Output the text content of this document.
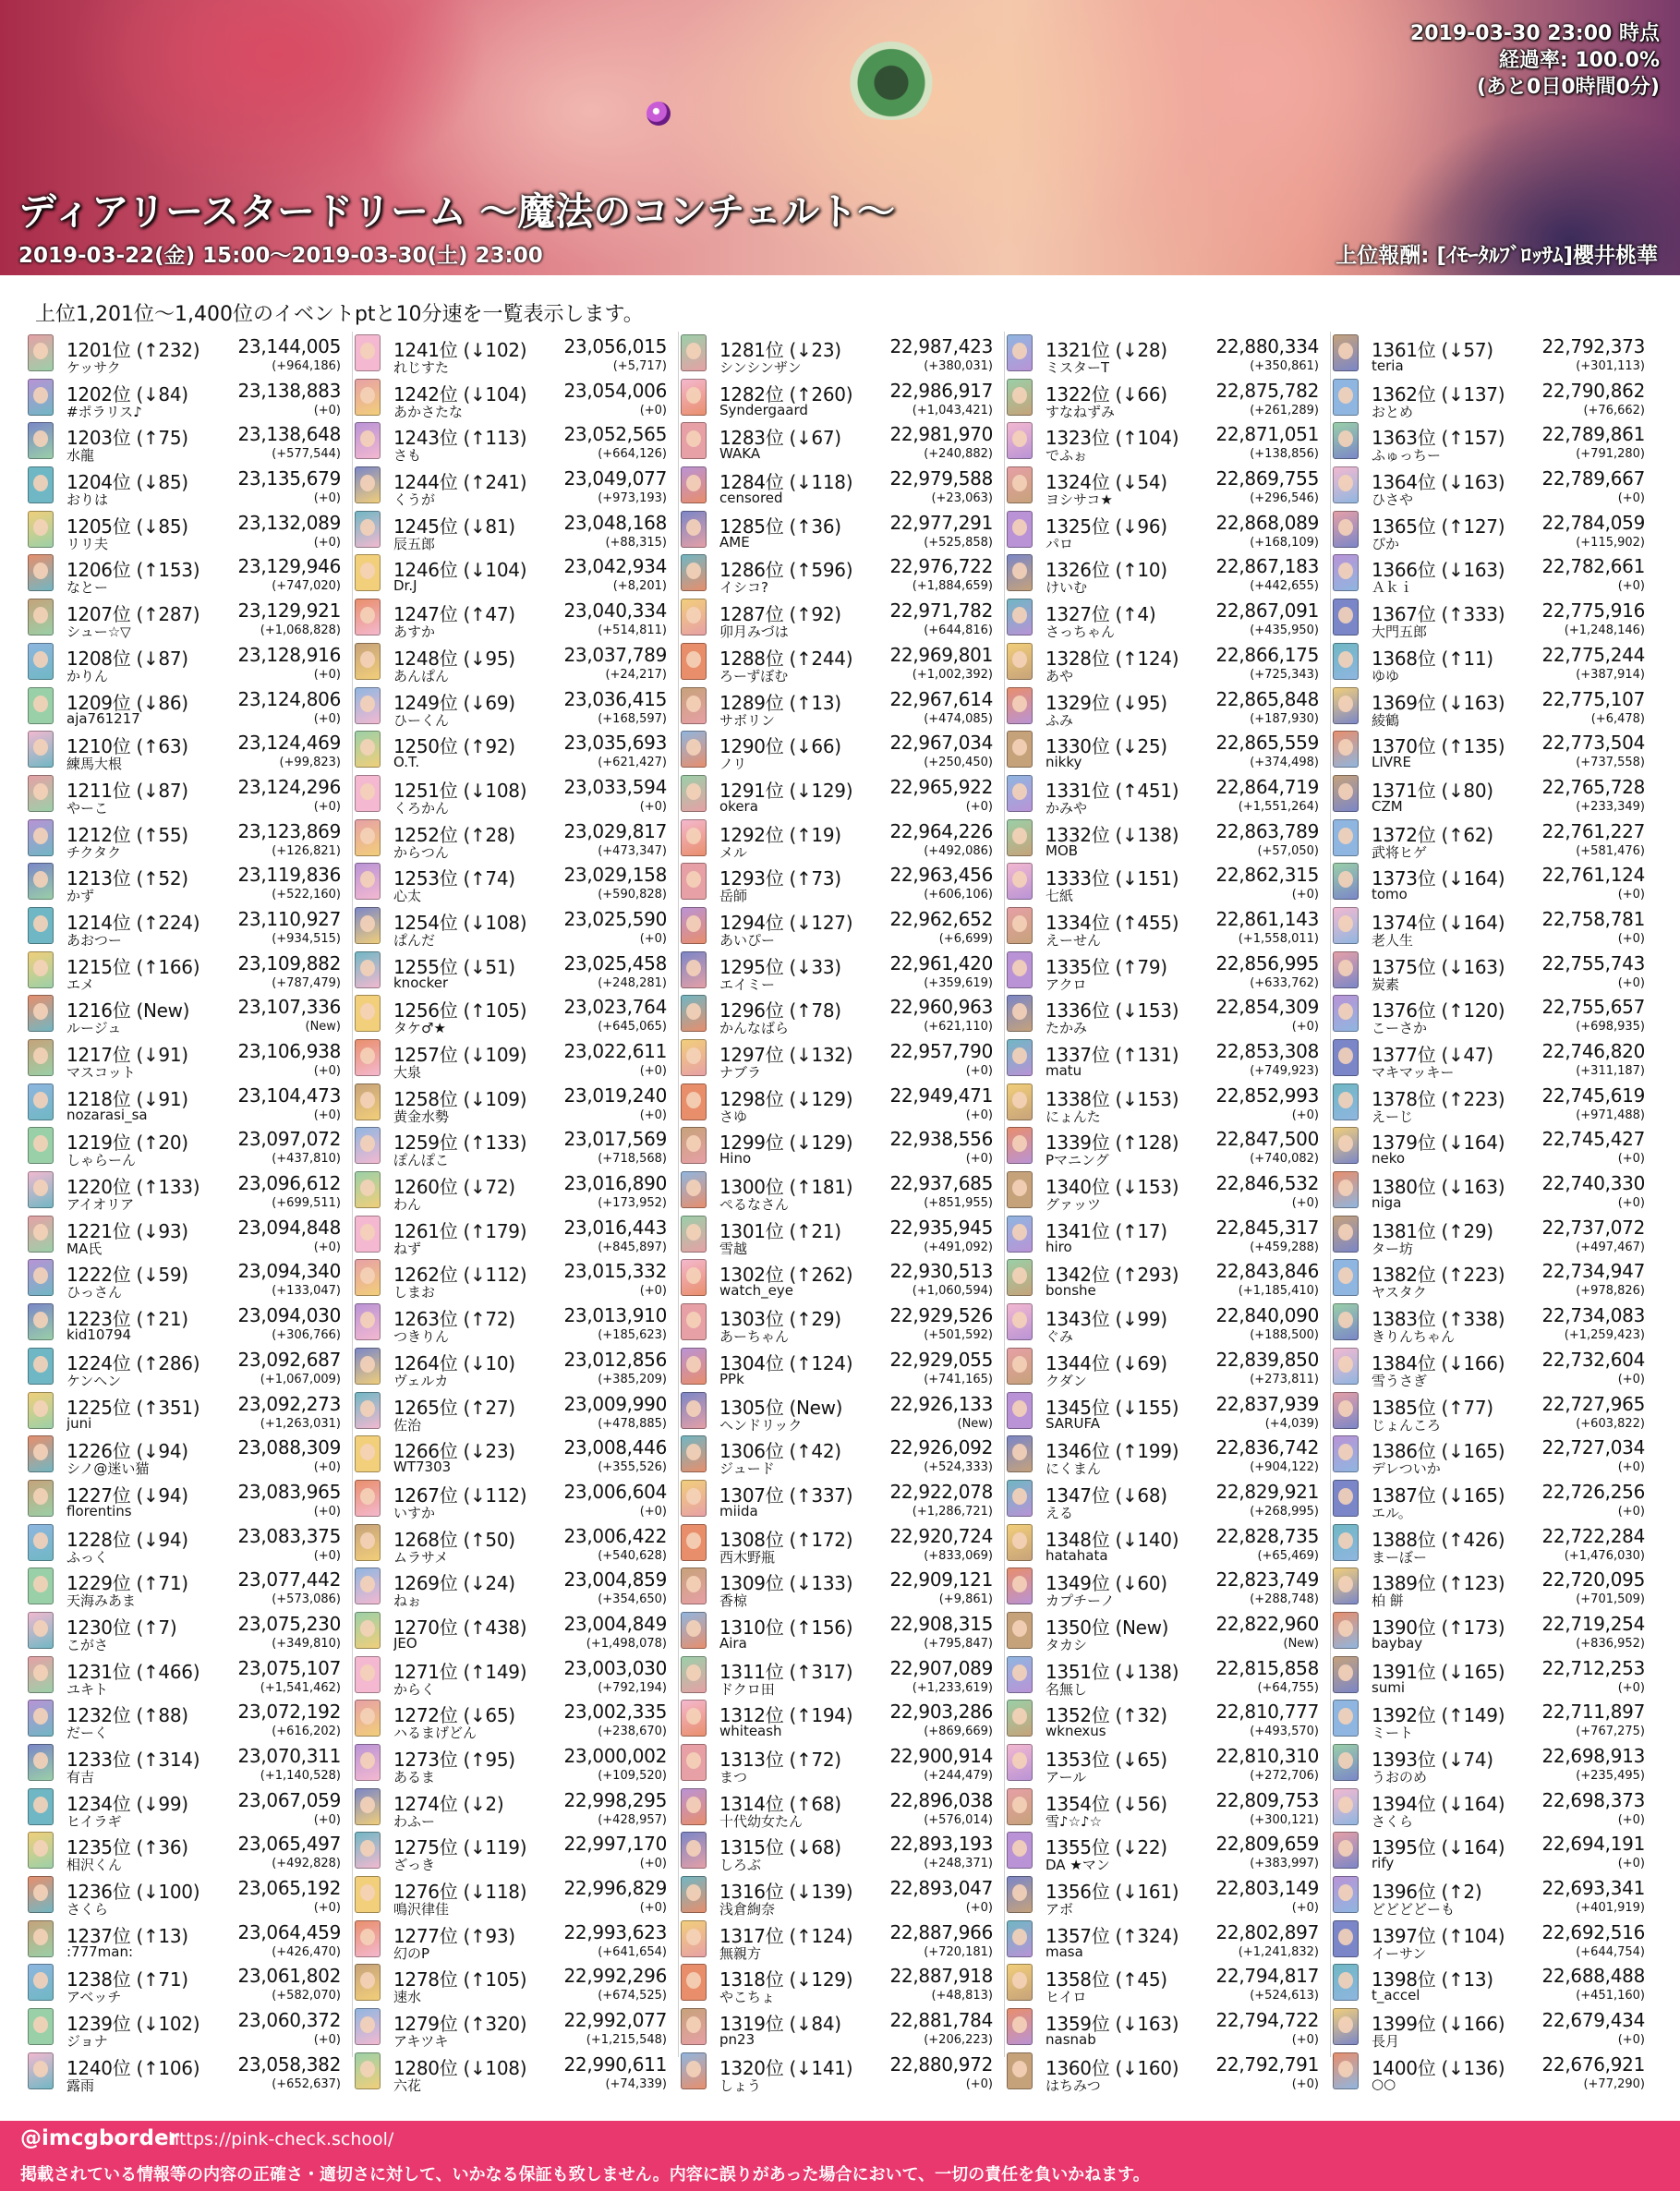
2019-03-30 23:00 時点
経過率: 100.0%
(あと0日0時間0分)
ディアリースタードリーム 〜魔法のコンチェルト〜
2019-03-22(金) 15:00〜2019-03-30(土) 23:00	上位報酬: [ｲﾓｰﾀﾙﾌﾞﾛｯｻﾑ]櫻井桃華
上位1,201位〜1,400位のイベントptと10分速を一覧表示します。
1201位 (↑232) 23,144,005
ケッサク	(+964,186)
1202位 (↓84)	23,138,883
#ポラリス♪	(+0)
1203位 (↑75)	23,138,648
水龍	(+577,544)
1204位 (↓85)	23,135,679
おりは	(+0)
1205位 (↓85)	23,132,089
リリ夫	(+0)
1206位 (↑153) 23,129,946
なとー	(+747,020)
1207位 (↑287) 23,129,921
シュー☆▽	(+1,068,828)
1208位 (↓87)	23,128,916
かりん	(+0)
1209位 (↓86)	23,124,806
aja761217	(+0)
1210位 (↑63)	23,124,469
練馬大根	(+99,823)
1211位 (↓87)	23,124,296
やーこ	(+0)
1212位 (↑55)	23,123,869
チクタク	(+126,821)
1213位 (↑52)	23,119,836
かず	(+522,160)
1214位 (↑224) 23,110,927
あおつー	(+934,515)
1215位 (↑166) 23,109,882
エメ	(+787,479)
1216位 (New)	23,107,336
ルージュ	(New)
1217位 (↓91)	23,106,938
マスコット	(+0)
1218位 (↓91)	23,104,473
nozarasi_sa	(+0)
1219位 (↑20)	23,097,072
しゃらーん	(+437,810)
1220位 (↑133) 23,096,612
アイオリア	(+699,511)
1221位 (↓93)	23,094,848
MA氏	(+0)
1222位 (↓59)	23,094,340
ひっさん	(+133,047)
1223位 (↑21)	23,094,030
kid10794	(+306,766)
1224位 (↑286) 23,092,687
ケンヘン	(+1,067,009)
1225位 (↑351) 23,092,273
juni	(+1,263,031)
1226位 (↓94)	23,088,309
シノ@迷い猫	(+0)
1227位 (↓94)	23,083,965
florentins	(+0)
1228位 (↓94)	23,083,375
ふっく	(+0)
1229位 (↑71)	23,077,442
天海みあま	(+573,086)
1230位 (↑7)	23,075,230
こがさ	(+349,810)
1231位 (↑466) 23,075,107
ユキト	(+1,541,462)
1232位 (↑88)	23,072,192
だーく	(+616,202)
1233位 (↑314) 23,070,311
有吉	(+1,140,528)
1234位 (↓99)	23,067,059
ヒイラギ	(+0)
1235位 (↑36)	23,065,497
相沢くん	(+492,828)
1236位 (↓100) 23,065,192
さくら	(+0)
1237位 (↑13)	23,064,459
:777man:	(+426,470)
1238位 (↑71)	23,061,802
アベッチ	(+582,070)
1239位 (↓102) 23,060,372
ジョナ	(+0)
1240位 (↑106) 23,058,382
露雨	(+652,637)
1241位 (↓102) 23,056,015
れじすた	(+5,717)
1242位 (↓104) 23,054,006
あかさたな	(+0)
1243位 (↑113) 23,052,565
さも	(+664,126)
1244位 (↑241) 23,049,077
くうが	(+973,193)
1245位 (↓81)	23,048,168
辰五郎	(+88,315)
1246位 (↓104) 23,042,934
Dr.J	(+8,201)
1247位 (↑47)	23,040,334
あすか	(+514,811)
1248位 (↓95)	23,037,789
あんぱん	(+24,217)
1249位 (↓69)	23,036,415
ひーくん	(+168,597)
1250位 (↑92)	23,035,693
O.T.	(+621,427)
1251位 (↓108) 23,033,594
くろかん	(+0)
1252位 (↑28)	23,029,817
からつん	(+473,347)
1253位 (↑74)	23,029,158
心太	(+590,828)
1254位 (↓108) 23,025,590
ぱんだ	(+0)
1255位 (↓51)	23,025,458
knocker	(+248,281)
1256位 (↑105) 23,023,764
タケ♂★	(+645,065)
1257位 (↓109) 23,022,611
大泉	(+0)
1258位 (↓109) 23,019,240
黄金水勢	(+0)
1259位 (↑133) 23,017,569
ぽんぽこ	(+718,568)
1260位 (↓72)	23,016,890
わん	(+173,952)
1261位 (↑179) 23,016,443
ねず	(+845,897)
1262位 (↓112) 23,015,332
しまお	(+0)
1263位 (↑72)	23,013,910
つきりん	(+185,623)
1264位 (↓10)	23,012,856
ヴェルカ	(+385,209)
1265位 (↑27)	23,009,990
佐治	(+478,885)
1266位 (↓23)	23,008,446
WT7303	(+355,526)
1267位 (↓112) 23,006,604
いすか	(+0)
1268位 (↑50)	23,006,422
ムラサメ	(+540,628)
1269位 (↓24)	23,004,859
ねぉ	(+354,650)
1270位 (↑438) 23,004,849
JEO	(+1,498,078)
1271位 (↑149) 23,003,030
からく	(+792,194)
1272位 (↓65)	23,002,335
ハるまげどん	(+238,670)
1273位 (↑95)	23,000,002
あるま	(+109,520)
1274位 (↓2)	22,998,295
わふー	(+428,957)
1275位 (↓119) 22,997,170
ざっき	(+0)
1276位 (↓118) 22,996,829
鳴沢律佳	(+0)
1277位 (↑93)	22,993,623
幻のP	(+641,654)
1278位 (↑105) 22,992,296
速水	(+674,525)
1279位 (↑320) 22,992,077
アキツキ	(+1,215,548)
1280位 (↓108) 22,990,611
六花	(+74,339)
1281位 (↓23)	22,987,423
シンシンザン	(+380,031)
1282位 (↑260) 22,986,917
Syndergaard	(+1,043,421)
1283位 (↓67)	22,981,970
WAKA	(+240,882)
1284位 (↓118) 22,979,588
censored	(+23,063)
1285位 (↑36)	22,977,291
AME	(+525,858)
1286位 (↑596) 22,976,722
イシコ?	(+1,884,659)
1287位 (↑92)	22,971,782
卯月みづは	(+644,816)
1288位 (↑244) 22,969,801
ろーずぼむ	(+1,002,392)
1289位 (↑13)	22,967,614
サボリン	(+474,085)
1290位 (↓66)	22,967,034
ノリ	(+250,450)
1291位 (↓129) 22,965,922
okera	(+0)
1292位 (↑19)	22,964,226
メル	(+492,086)
1293位 (↑73)	22,963,456
岳師	(+606,106)
1294位 (↓127) 22,962,652
あいぴー	(+6,699)
1295位 (↓33)	22,961,420
エイミー	(+359,619)
1296位 (↑78)	22,960,963
かんなばら	(+621,110)
1297位 (↓132) 22,957,790
ナブラ	(+0)
1298位 (↓129) 22,949,471
さゆ	(+0)
1299位 (↓129) 22,938,556
Hino	(+0)
1300位 (↑181) 22,937,685
ぺるなさん	(+851,955)
1301位 (↑21)	22,935,945
雪越	(+491,092)
1302位 (↑262) 22,930,513
watch_eye	(+1,060,594)
1303位 (↑29)	22,929,526
あーちゃん	(+501,592)
1304位 (↑124) 22,929,055
PPk	(+741,165)
1305位 (New)	22,926,133
ヘンドリック	(New)
1306位 (↑42)	22,926,092
ジュード	(+524,333)
1307位 (↑337) 22,922,078
miida	(+1,286,721)
1308位 (↑172) 22,920,724
西木野瓶	(+833,069)
1309位 (↓133) 22,909,121
香椋	(+9,861)
1310位 (↑156) 22,908,315
Aira	(+795,847)
1311位 (↑317) 22,907,089
ドクロ田	(+1,233,619)
1312位 (↑194) 22,903,286
whiteash	(+869,669)
1313位 (↑72)	22,900,914
まつ	(+244,479)
1314位 (↑68)	22,896,038
十代幼女たん	(+576,014)
1315位 (↓68)	22,893,193
しろぶ	(+248,371)
1316位 (↓139) 22,893,047
浅倉絢奈	(+0)
1317位 (↑124) 22,887,966
無親方	(+720,181)
1318位 (↓129) 22,887,918
やこちょ	(+48,813)
1319位 (↓84)	22,881,784
pn23	(+206,223)
1320位 (↓141) 22,880,972
しょう	(+0)
1321位 (↓28)	22,880,334
ミスターT	(+350,861)
1322位 (↓66)	22,875,782
すなねずみ	(+261,289)
1323位 (↑104) 22,871,051
でふぉ	(+138,856)
1324位 (↓54)	22,869,755
ヨシサコ★	(+296,546)
1325位 (↓96)	22,868,089
パロ	(+168,109)
1326位 (↑10)	22,867,183
けいむ	(+442,655)
1327位 (↑4)	22,867,091
さっちゃん	(+435,950)
1328位 (↑124) 22,866,175
あや	(+725,343)
1329位 (↓95)	22,865,848
ふみ	(+187,930)
1330位 (↓25)	22,865,559
nikky	(+374,498)
1331位 (↑451) 22,864,719
かみや	(+1,551,264)
1332位 (↓138) 22,863,789
MOB	(+57,050)
1333位 (↓151) 22,862,315
七紙	(+0)
1334位 (↑455) 22,861,143
えーせん	(+1,558,011)
1335位 (↑79)	22,856,995
アクロ	(+633,762)
1336位 (↓153) 22,854,309
たかみ	(+0)
1337位 (↑131) 22,853,308
matu	(+749,923)
1338位 (↓153) 22,852,993
にょんた	(+0)
1339位 (↑128) 22,847,500
Pマニング	(+740,082)
1340位 (↓153) 22,846,532
グァッツ	(+0)
1341位 (↑17)	22,845,317
hiro	(+459,288)
1342位 (↑293) 22,843,846
bonshe	(+1,185,410)
1343位 (↓99)	22,840,090
ぐみ	(+188,500)
1344位 (↓69)	22,839,850
クダン	(+273,811)
1345位 (↓155) 22,837,939
SARUFA	(+4,039)
1346位 (↑199) 22,836,742
にくまん	(+904,122)
1347位 (↓68)	22,829,921
える	(+268,995)
1348位 (↓140) 22,828,735
hatahata	(+65,469)
1349位 (↓60)	22,823,749
カプチーノ	(+288,748)
1350位 (New)	22,822,960
タカシ	(New)
1351位 (↓138) 22,815,858
名無し	(+64,755)
1352位 (↑32)	22,810,777
wknexus	(+493,570)
1353位 (↓65)	22,810,310
アール	(+272,706)
1354位 (↓56)	22,809,753
雪♪☆♪☆	(+300,121)
1355位 (↓22)	22,809,659
DA ★マン	(+383,997)
1356位 (↓161) 22,803,149
アボ	(+0)
1357位 (↑324) 22,802,897
masa	(+1,241,832)
1358位 (↑45)	22,794,817
ヒイロ	(+524,613)
1359位 (↓163) 22,794,722
nasnab	(+0)
1360位 (↓160) 22,792,791
はちみつ	(+0)
1361位 (↓57)	22,792,373
teria	(+301,113)
1362位 (↓137) 22,790,862
おとめ	(+76,662)
1363位 (↑157) 22,789,861
ふゅっちー	(+791,280)
1364位 (↓163) 22,789,667
ひさや	(+0)
1365位 (↑127) 22,784,059
ぴか	(+115,902)
1366位 (↓163) 22,782,661
Ａｋｉ	(+0)
1367位 (↑333) 22,775,916
大門五郎	(+1,248,146)
1368位 (↑11)	22,775,244
ゆゆ	(+387,914)
1369位 (↓163) 22,775,107
綾鶴	(+6,478)
1370位 (↑135) 22,773,504
LIVRE	(+737,558)
1371位 (↓80)	22,765,728
CZM	(+233,349)
1372位 (↑62)	22,761,227
武将ヒゲ	(+581,476)
1373位 (↓164) 22,761,124
tomo	(+0)
1374位 (↓164) 22,758,781
老人生	(+0)
1375位 (↓163) 22,755,743
炭素	(+0)
1376位 (↑120) 22,755,657
こーさか	(+698,935)
1377位 (↓47)	22,746,820
マキマッキー	(+311,187)
1378位 (↑223) 22,745,619
えーじ	(+971,488)
1379位 (↓164) 22,745,427
neko	(+0)
1380位 (↓163) 22,740,330
niga	(+0)
1381位 (↑29)	22,737,072
ター坊	(+497,467)
1382位 (↑223) 22,734,947
ヤスタク	(+978,826)
1383位 (↑338) 22,734,083
きりんちゃん	(+1,259,423)
1384位 (↓166) 22,732,604
雪うさぎ	(+0)
1385位 (↑77)	22,727,965
じょんころ	(+603,822)
1386位 (↓165) 22,727,034
デレついか	(+0)
1387位 (↓165) 22,726,256
エル。	(+0)
1388位 (↑426) 22,722,284
まーぼー	(+1,476,030)
1389位 (↑123) 22,720,095
柏 餅	(+701,509)
1390位 (↑173) 22,719,254
baybay	(+836,952)
1391位 (↓165) 22,712,253
sumi	(+0)
1392位 (↑149) 22,711,897
ミート	(+767,275)
1393位 (↓74)	22,698,913
うおのめ	(+235,495)
1394位 (↓164) 22,698,373
さくら	(+0)
1395位 (↓164) 22,694,191
rify	(+0)
1396位 (↑2)	22,693,341
どどどどーも	(+401,919)
1397位 (↑104) 22,692,516
イーサン	(+644,754)
1398位 (↑13)	22,688,488
t_accel	(+451,160)
1399位 (↓166) 22,679,434
長月	(+0)
1400位 (↓136) 22,676,921
○○	(+77,290)
@imcgborder
https://pink-check.school/
掲載されている情報等の内容の正確さ・適切さに対して、いかなる保証も致しません。内容に誤りがあった場合において、一切の責任を負いかねます。
